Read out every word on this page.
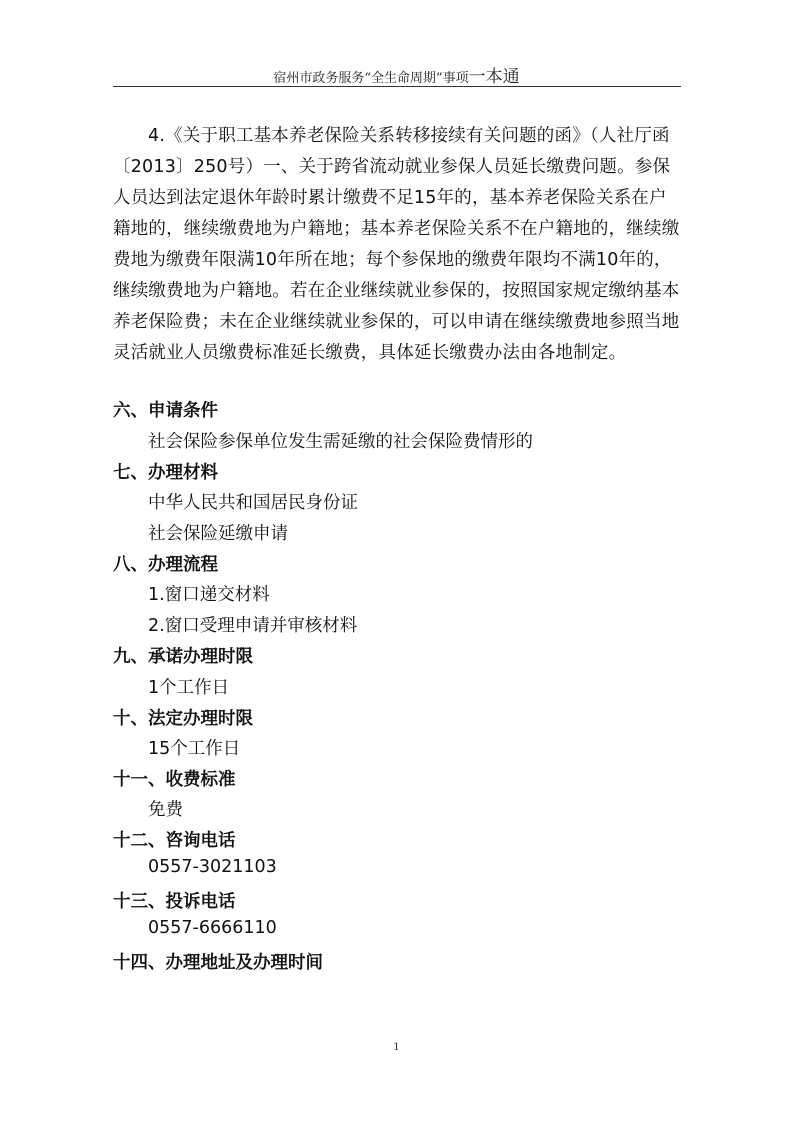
宿州市政务服务“全生命周期”事项一本通
4.《关于职工基本养老保险关系转移接续有关问题的函》（人社厅函〔2013〕250号）一、关于跨省流动就业参保人员延长缴费问题。参保人员达到法定退休年龄时累计缴费不足15年的，基本养老保险关系在户籍地的，继续缴费地为户籍地；基本养老保险关系不在户籍地的，继续缴费地为缴费年限满10年所在地；每个参保地的缴费年限均不满10年的，继续缴费地为户籍地。若在企业继续就业参保的，按照国家规定缴纳基本养老保险费；未在企业继续就业参保的，可以申请在继续缴费地参照当地灵活就业人员缴费标准延长缴费，具体延长缴费办法由各地制定。
六、申请条件
社会保险参保单位发生需延缴的社会保险费情形的
七、办理材料
中华人民共和国居民身份证
社会保险延缴申请
八、办理流程
1.窗口递交材料
2.窗口受理申请并审核材料
九、承诺办理时限
1个工作日
十、法定办理时限
15个工作日
十一、收费标准
免费
十二、咨询电话
0557-3021103
十三、投诉电话
0557-6666110
十四、办理地址及办理时间
1
